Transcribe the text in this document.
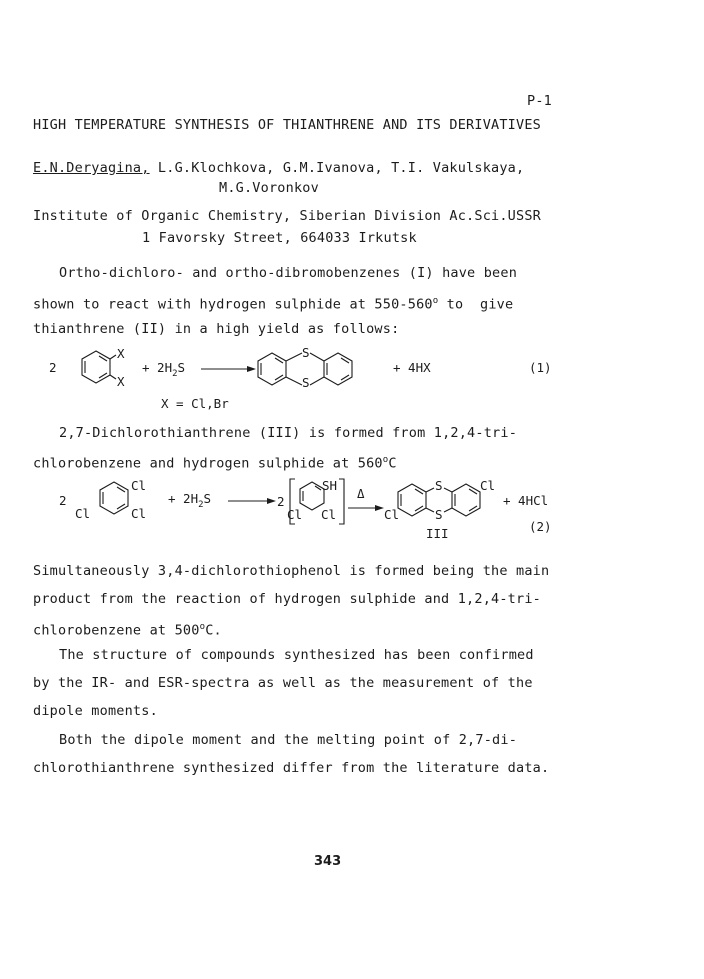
P-1
HIGH TEMPERATURE SYNTHESIS OF THIANTHRENE AND ITS DERIVATIVES
E.N.Deryagina, L.G.Klochkova, G.M.Ivanova, T.I. Vakulskaya,
M.G.Voronkov
Institute of Organic Chemistry, Siberian Division Ac.Sci.USSR
1 Favorsky Street, 664033 Irkutsk
Ortho-dichloro- and ortho-dibromobenzenes (I) have been
shown to react with hydrogen sulphide at 550-560$^o$ to  give
thianthrene (II) in a high yield as follows:
2
X
X
+ $2H_2S$
S
S
+ 4HX	(1)
X = Cl,Br
2,7-Dichlorothianthrene (III) is formed from 1,2,4-tri-
chlorobenzene and hydrogen sulphide at 560$^o$C
2
Cl
Cl	Cl
+ $2H_2S$	2
SH
Cl Cl
Δ
S
S
Cl
Cl
+ 4HCl
III	(2)
Simultaneously 3,4-dichlorothiophenol is formed being the main
product from the reaction of hydrogen sulphide and 1,2,4-tri-
chlorobenzene at 500$^o$C.
The structure of compounds synthesized has been confirmed
by the IR- and ESR-spectra as well as the measurement of the
dipole moments.
Both the dipole moment and the melting point of 2,7-di-
chlorothianthrene synthesized differ from the literature data.
343
